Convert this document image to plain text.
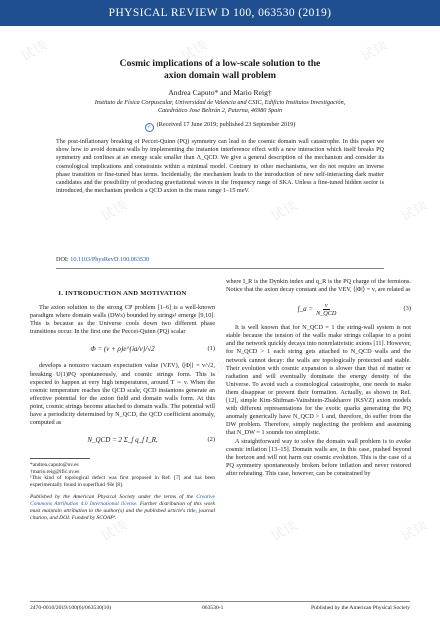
试读	试读	试读
试读	试读	试读
试读	试读	试读
试读	试读	试读
PHYSICAL REVIEW D 100, 063530 (2019)
Cosmic implications of a low-scale solution to the
axion domain wall problem
Andrea Caputo* and Mario Reig†
Instituto de Física Corpuscular, Universidad de Valencia and CSIC, Edificio Institutos Investigación,
Catedrático Jose Beltrán 2, Paterna, 46980 Spain
✓ (Received 17 June 2019; published 23 September 2019)
The post-inflationary breaking of Peccei-Quinn (PQ) symmetry can lead to the cosmic domain wall catastrophe. In this paper we show how to avoid domain walls by implementing the instanton interference effect with a new interaction which itself breaks PQ symmetry and confines at an energy scale smaller than Λ_QCD. We give a general description of the mechanism and consider its cosmological implications and constraints within a minimal model. Contrary to other mechanisms, we do not require an inverse phase transition or fine-tuned bias terms. Incidentally, the mechanism leads to the introduction of new self-interacting dark matter candidates and the possibility of producing gravitational waves in the frequency range of SKA. Unless a fine-tuned hidden sector is introduced, the mechanism predicts a QCD axion in the mass range 1–15 meV.
DOI: 10.1103/PhysRevD.100.063530
I. INTRODUCTION AND MOTIVATION

The axion solution to the strong CP problem [1–6] is a well-known paradigm where domain walls (DWs) bounded by strings¹ emerge [9,10]. This is because as the Universe cools down two different phase transitions occur. In the first one the Peccei-Quinn (PQ) scalar

Φ = (v + ρ)e^{ia/v}/√2	(1)

develops a nonzero vacuum expectation value (VEV), ⟨|Φ|⟩ = v/√2, breaking U(1)PQ spontaneously, and cosmic strings form. This is expected to happen at very high temperatures, around T ∼ v. When the cosmic temperature reaches the QCD scale, QCD instantons generate an effective potential for the axion field and domain walls form. At this point, cosmic strings become attached to domain walls. The potential will have a periodicity determined by N_QCD, the QCD coefficient anomaly, computed as

N_QCD = 2 Σ_f q_f I_R,	(2)

*andrea.caputo@uv.es

†mario.reig@ific.uv.es

¹This kind of topological defect was first proposed in Ref. [7] and has been experimentally found in superfluid ³He [8].

Published by the American Physical Society under the terms of the Creative Commons Attribution 4.0 International license. Further distribution of this work must maintain attribution to the author(s) and the published article's title, journal citation, and DOI. Funded by SCOAP³.

where I_R is the Dynkin index and q_R is the PQ charge of the fermions. Notice that the axion decay constant and the VEV, ⟨|Φ|⟩ = v, are related as

f_a = $\frac{v}{\text{N\_QCD}}$	(3)

It is well known that for N_QCD = 1 the string-wall system is not stable because the tension of the walls make strings collapse to a point and the network quickly decays into nonrelativistic axions [11]. However, for N_QCD > 1 each string gets attached to N_QCD walls and the network cannot decay: the walls are topologically protected and stable. Their evolution with cosmic expansion is slower than that of matter or radiation and will eventually dominate the energy density of the Universe. To avoid such a cosmological catastrophe, one needs to make them disappear or prevent their formation. Actually, as shown in Ref. [12], simple Kim-Shifman-Vainshtein-Zhakharov (KSVZ) axion models with different representations for the exotic quarks generating the PQ anomaly generically have N_QCD > 1 and, therefore, do suffer from the DW problem. Therefore, simply neglecting the problem and assuming that N_DW = 1 sounds too simplistic.

A straightforward way to solve the domain wall problem is to evoke cosmic inflation [13–15]. Domain walls are, in this case, pushed beyond the horizon and will not harm our cosmic evolution. This is the case of a PQ symmetry spontaneously broken before inflation and never restored after reheating. This case, however, can be constrained by

2470-0010/2019/100(6)/063530(10)	063530-1	Published by the American Physical Society
